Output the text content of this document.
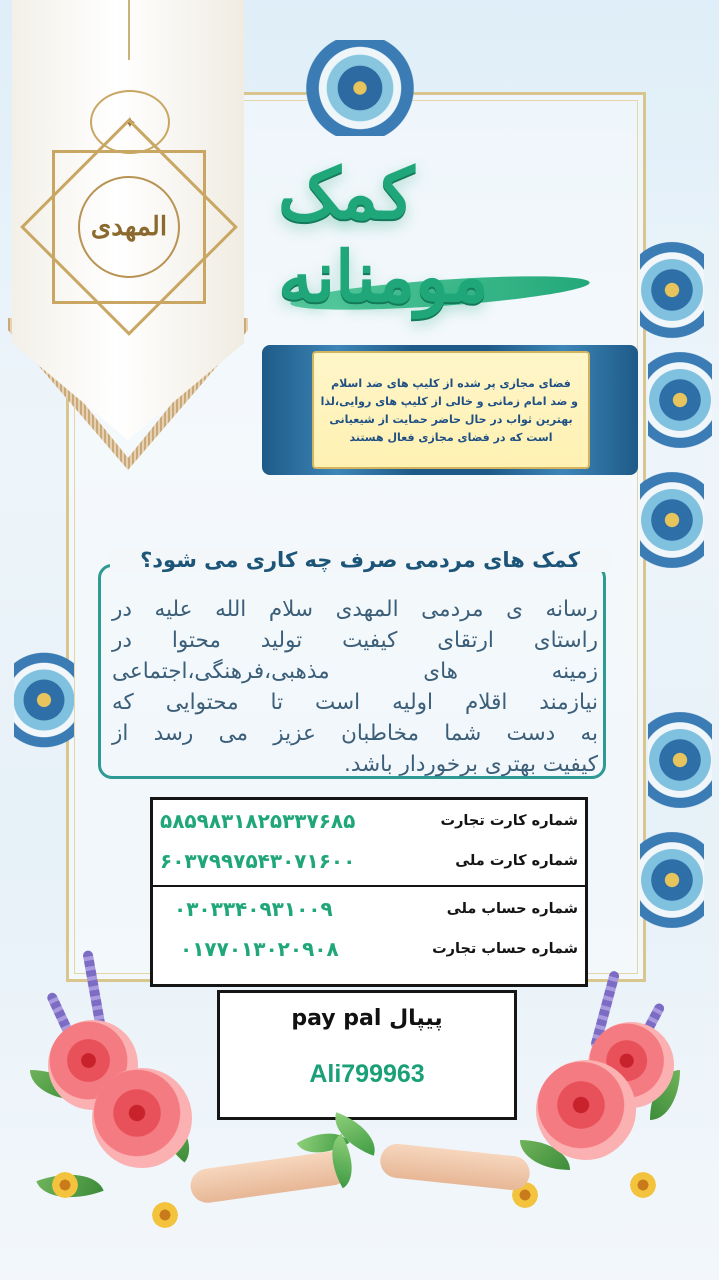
✦
المهدی کمک مومنانه
فضای مجازی پر شده از کلیپ های ضد اسلام
و ضد امام زمانی و خالی از کلیپ های روایی،لذا
بهترین ثواب در حال حاضر حمایت از شیعیانی
است که در فضای مجازی فعال هستند
کمک های مردمی صرف چه کاری می شود؟
رسانه ی مردمی المهدی سلام الله علیه در
راستای ارتقای کیفیت تولید محتوا در
زمینه های مذهبی،فرهنگی،اجتماعی
نیازمند اقلام اولیه است تا محتوایی که
به دست شما مخاطبان عزیز می رسد از
کیفیت بهتری برخوردار باشد.
۵۸۵۹۸۳۱۸۲۵۳۳۷۶۸۵	شماره کارت تجارت
۶۰۳۷۹۹۷۵۴۳۰۷۱۶۰۰	شماره کارت ملی
۰۳۰۳۳۴۰۹۳۱۰۰۹	شماره حساب ملی
۰۱۷۷۰۱۳۰۲۰۹۰۸	شماره حساب تجارت
پیپال pay pal
Ali799963
